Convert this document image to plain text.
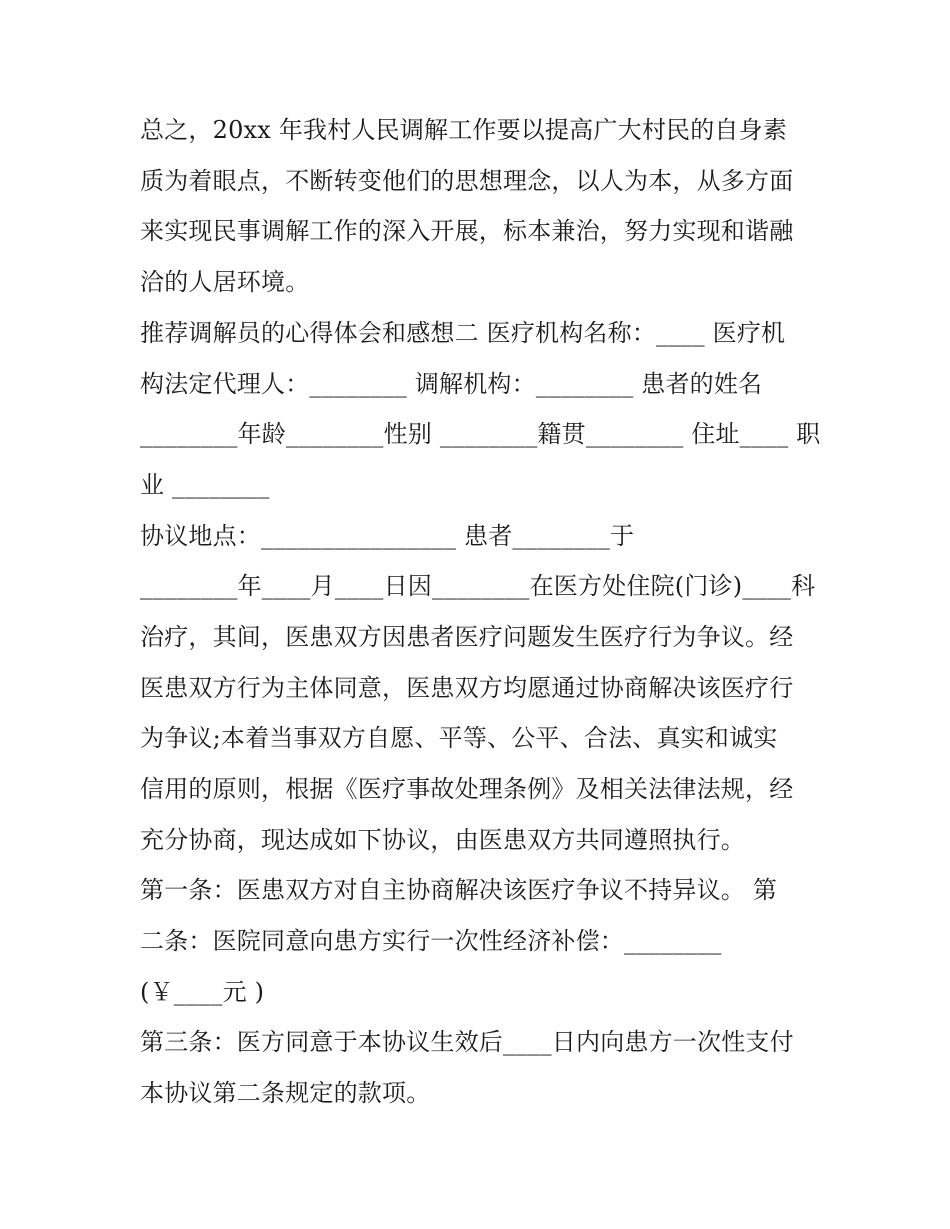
总之，20xx 年我村人民调解工作要以提高广大村民的自身素
质为着眼点，不断转变他们的思想理念，以人为本，从多方面
来实现民事调解工作的深入开展，标本兼治，努力实现和谐融
洽的人居环境。
推荐调解员的心得体会和感想二 医疗机构名称：____ 医疗机
构法定代理人：________ 调解机构：________ 患者的姓名
________年龄________性别 ________籍贯________ 住址____ 职
业 ________
协议地点：________________ 患者________于
________年____月____日因________在医方处住院(门诊)____科
治疗，其间，医患双方因患者医疗问题发生医疗行为争议。经
医患双方行为主体同意，医患双方均愿通过协商解决该医疗行
为争议;本着当事双方自愿、平等、公平、合法、真实和诚实
信用的原则，根据《医疗事故处理条例》及相关法律法规，经
充分协商，现达成如下协议，由医患双方共同遵照执行。
第一条：医患双方对自主协商解决该医疗争议不持异议。 第
二条：医院同意向患方实行一次性经济补偿：________
(￥____元 )
第三条：医方同意于本协议生效后____日内向患方一次性支付
本协议第二条规定的款项。
